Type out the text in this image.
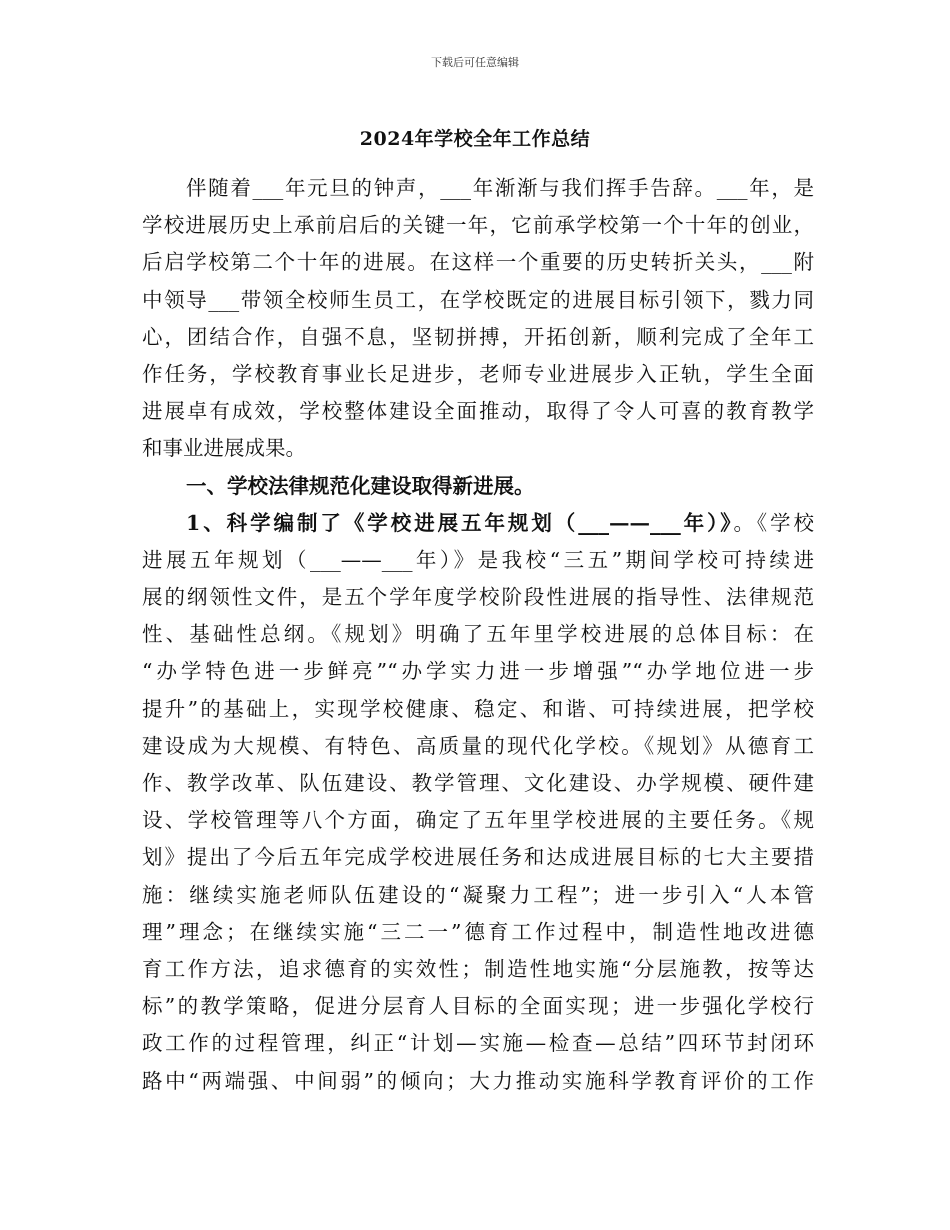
下载后可任意编辑
2024年学校全年工作总结
伴随着___年元旦的钟声，___年渐渐与我们挥手告辞。___年，是
学校进展历史上承前启后的关键一年，它前承学校第一个十年的创业，
后启学校第二个十年的进展。在这样一个重要的历史转折关头，___附
中领导___带领全校师生员工，在学校既定的进展目标引领下，戮力同
心，团结合作，自强不息，坚韧拼搏，开拓创新，顺利完成了全年工
作任务，学校教育事业长足进步，老师专业进展步入正轨，学生全面
进展卓有成效，学校整体建设全面推动，取得了令人可喜的教育教学
和事业进展成果。
一、学校法律规范化建设取得新进展。
1、科学编制了《学校进展五年规划（___——___年）》。《学校
进展五年规划（___——___年）》是我校“三五”期间学校可持续进
展的纲领性文件，是五个学年度学校阶段性进展的指导性、法律规范
性、基础性总纲。《规划》明确了五年里学校进展的总体目标：在
“办学特色进一步鲜亮”“办学实力进一步增强”“办学地位进一步
提升”的基础上，实现学校健康、稳定、和谐、可持续进展，把学校
建设成为大规模、有特色、高质量的现代化学校。《规划》从德育工
作、教学改革、队伍建设、教学管理、文化建设、办学规模、硬件建
设、学校管理等八个方面，确定了五年里学校进展的主要任务。《规
划》提出了今后五年完成学校进展任务和达成进展目标的七大主要措
施：继续实施老师队伍建设的“凝聚力工程”；进一步引入“人本管
理”理念；在继续实施“三二一”德育工作过程中，制造性地改进德
育工作方法，追求德育的实效性；制造性地实施“分层施教，按等达
标”的教学策略，促进分层育人目标的全面实现；进一步强化学校行
政工作的过程管理，纠正“计划—实施—检查—总结”四环节封闭环
路中“两端强、中间弱”的倾向；大力推动实施科学教育评价的工作
